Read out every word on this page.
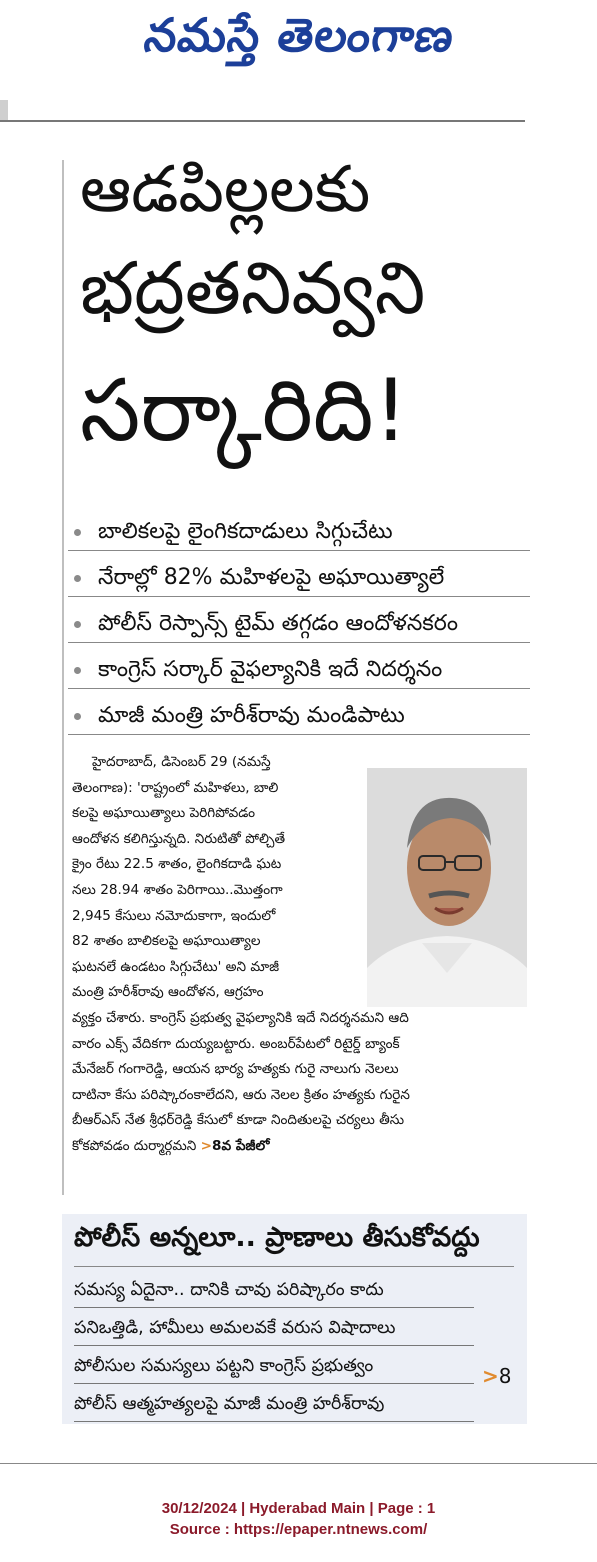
నమస్తే తెలంగాణ
ఆడపిల్లలకు
భద్రతనివ్వని
సర్కారిది!
బాలికలపై లైంగికదాడులు సిగ్గుచేటు
నేరాల్లో 82% మహిళలపై అఘాయిత్యాలే
పోలీస్ రెస్పాన్స్ టైమ్ తగ్గడం ఆందోళనకరం
కాంగ్రెస్ సర్కార్ వైఫల్యానికి ఇదే నిదర్శనం
మాజీ మంత్రి హరీశ్‌రావు మండిపాటు
హైదరాబాద్, డిసెంబర్ 29 (నమస్తే
తెలంగాణ): 'రాష్ట్రంలో మహిళలు, బాలి
కలపై అఘాయిత్యాలు పెరిగిపోవడం
ఆందోళన కలిగిస్తున్నది. నిరుటితో పోల్చితే
క్రైం రేటు 22.5 శాతం, లైంగికదాడి ఘట
నలు 28.94 శాతం పెరిగాయి..మొత్తంగా
2,945 కేసులు నమోదుకాగా, ఇందులో
82 శాతం బాలికలపై అఘాయిత్యాల
ఘటనలే ఉండటం సిగ్గుచేటు' అని మాజీ
మంత్రి హరీశ్‌రావు ఆందోళన, ఆగ్రహం
వ్యక్తం చేశారు. కాంగ్రెస్ ప్రభుత్వ వైఫల్యానికి ఇదే నిదర్శనమని ఆది
వారం ఎక్స్ వేదికగా దుయ్యబట్టారు. అంబర్‌పేటలో రిటైర్డ్ బ్యాంక్
మేనేజర్ గంగారెడ్డి, ఆయన భార్య హత్యకు గురై నాలుగు నెలలు
దాటినా కేసు పరిష్కారంకాలేదని, ఆరు నెలల క్రితం హత్యకు గురైన
బీఆర్‌ఎస్ నేత శ్రీధర్‌రెడ్డి కేసులో కూడా నిందితులపై చర్యలు తీసు
కోకపోవడం దుర్మార్గమని >8వ పేజీలో
పోలీస్ అన్నలూ.. ప్రాణాలు తీసుకోవద్దు
సమస్య ఏదైనా.. దానికి చావు పరిష్కారం కాదు
పనిఒత్తిడి, హామీలు అమలవకే వరుస విషాదాలు
పోలీసుల సమస్యలు పట్టని కాంగ్రెస్ ప్రభుత్వం
పోలీస్ ఆత్మహత్యలపై మాజీ మంత్రి హరీశ్‌రావు
>8
30/12/2024 | Hyderabad Main | Page : 1
Source : https://epaper.ntnews.com/
